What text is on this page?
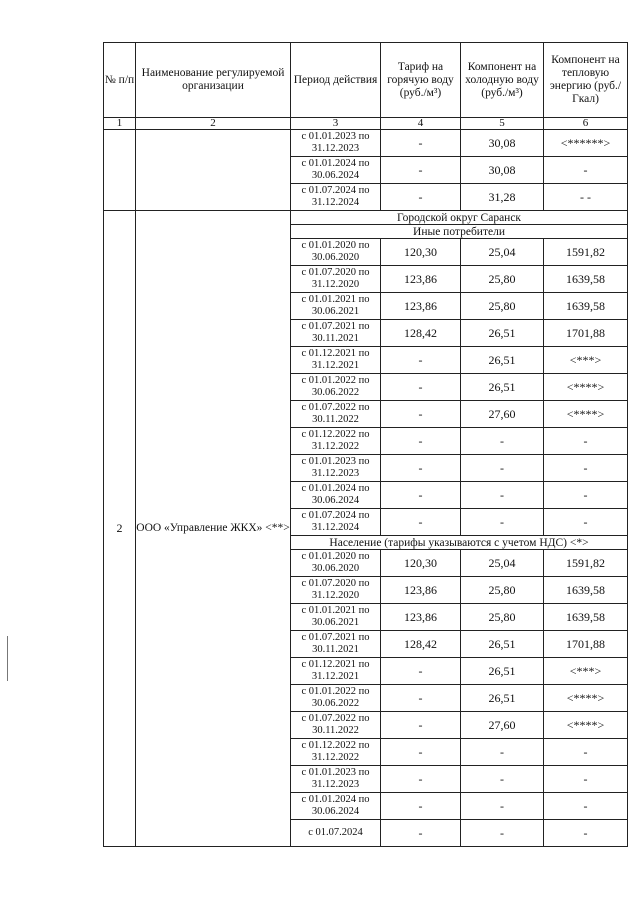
№ п/п	Наименование регулируемой организации	Период действия	Тариф на горячую воду (руб./м³)	Компонент на холодную воду (руб./м³)	Компонент на тепловую энергию (руб./Гкал)
1	2	3	4	5	6
		с 01.01.2023 по 31.12.2023	-	30,08	<******>
		с 01.01.2024 по 30.06.2024	-	30,08	-
		с 01.07.2024 по 31.12.2024	-	31,28	- -
2	ООО «Управление ЖКХ» <**>	Городской округ Саранск			
		Иные потребители			
		с 01.01.2020 по 30.06.2020	120,30	25,04	1591,82
		с 01.07.2020 по 31.12.2020	123,86	25,80	1639,58
		с 01.01.2021 по 30.06.2021	123,86	25,80	1639,58
		с 01.07.2021 по 30.11.2021	128,42	26,51	1701,88
		с 01.12.2021 по 31.12.2021	-	26,51	<***>
		с 01.01.2022 по 30.06.2022	-	26,51	<****>
		с 01.07.2022 по 30.11.2022	-	27,60	<****>
		с 01.12.2022 по 31.12.2022	-	-	-
		с 01.01.2023 по 31.12.2023	-	-	-
		с 01.01.2024 по 30.06.2024	-	-	-
		с 01.07.2024 по 31.12.2024	-	-	-
		Население (тарифы указываются с учетом НДС) <*>			
		с 01.01.2020 по 30.06.2020	120,30	25,04	1591,82
		с 01.07.2020 по 31.12.2020	123,86	25,80	1639,58
		с 01.01.2021 по 30.06.2021	123,86	25,80	1639,58
		с 01.07.2021 по 30.11.2021	128,42	26,51	1701,88
		с 01.12.2021 по 31.12.2021	-	26,51	<***>
		с 01.01.2022 по 30.06.2022	-	26,51	<****>
		с 01.07.2022 по 30.11.2022	-	27,60	<****>
		с 01.12.2022 по 31.12.2022	-	-	-
		с 01.01.2023 по 31.12.2023	-	-	-
		с 01.01.2024 по 30.06.2024	-	-	-
		с 01.07.2024	-	-	-
